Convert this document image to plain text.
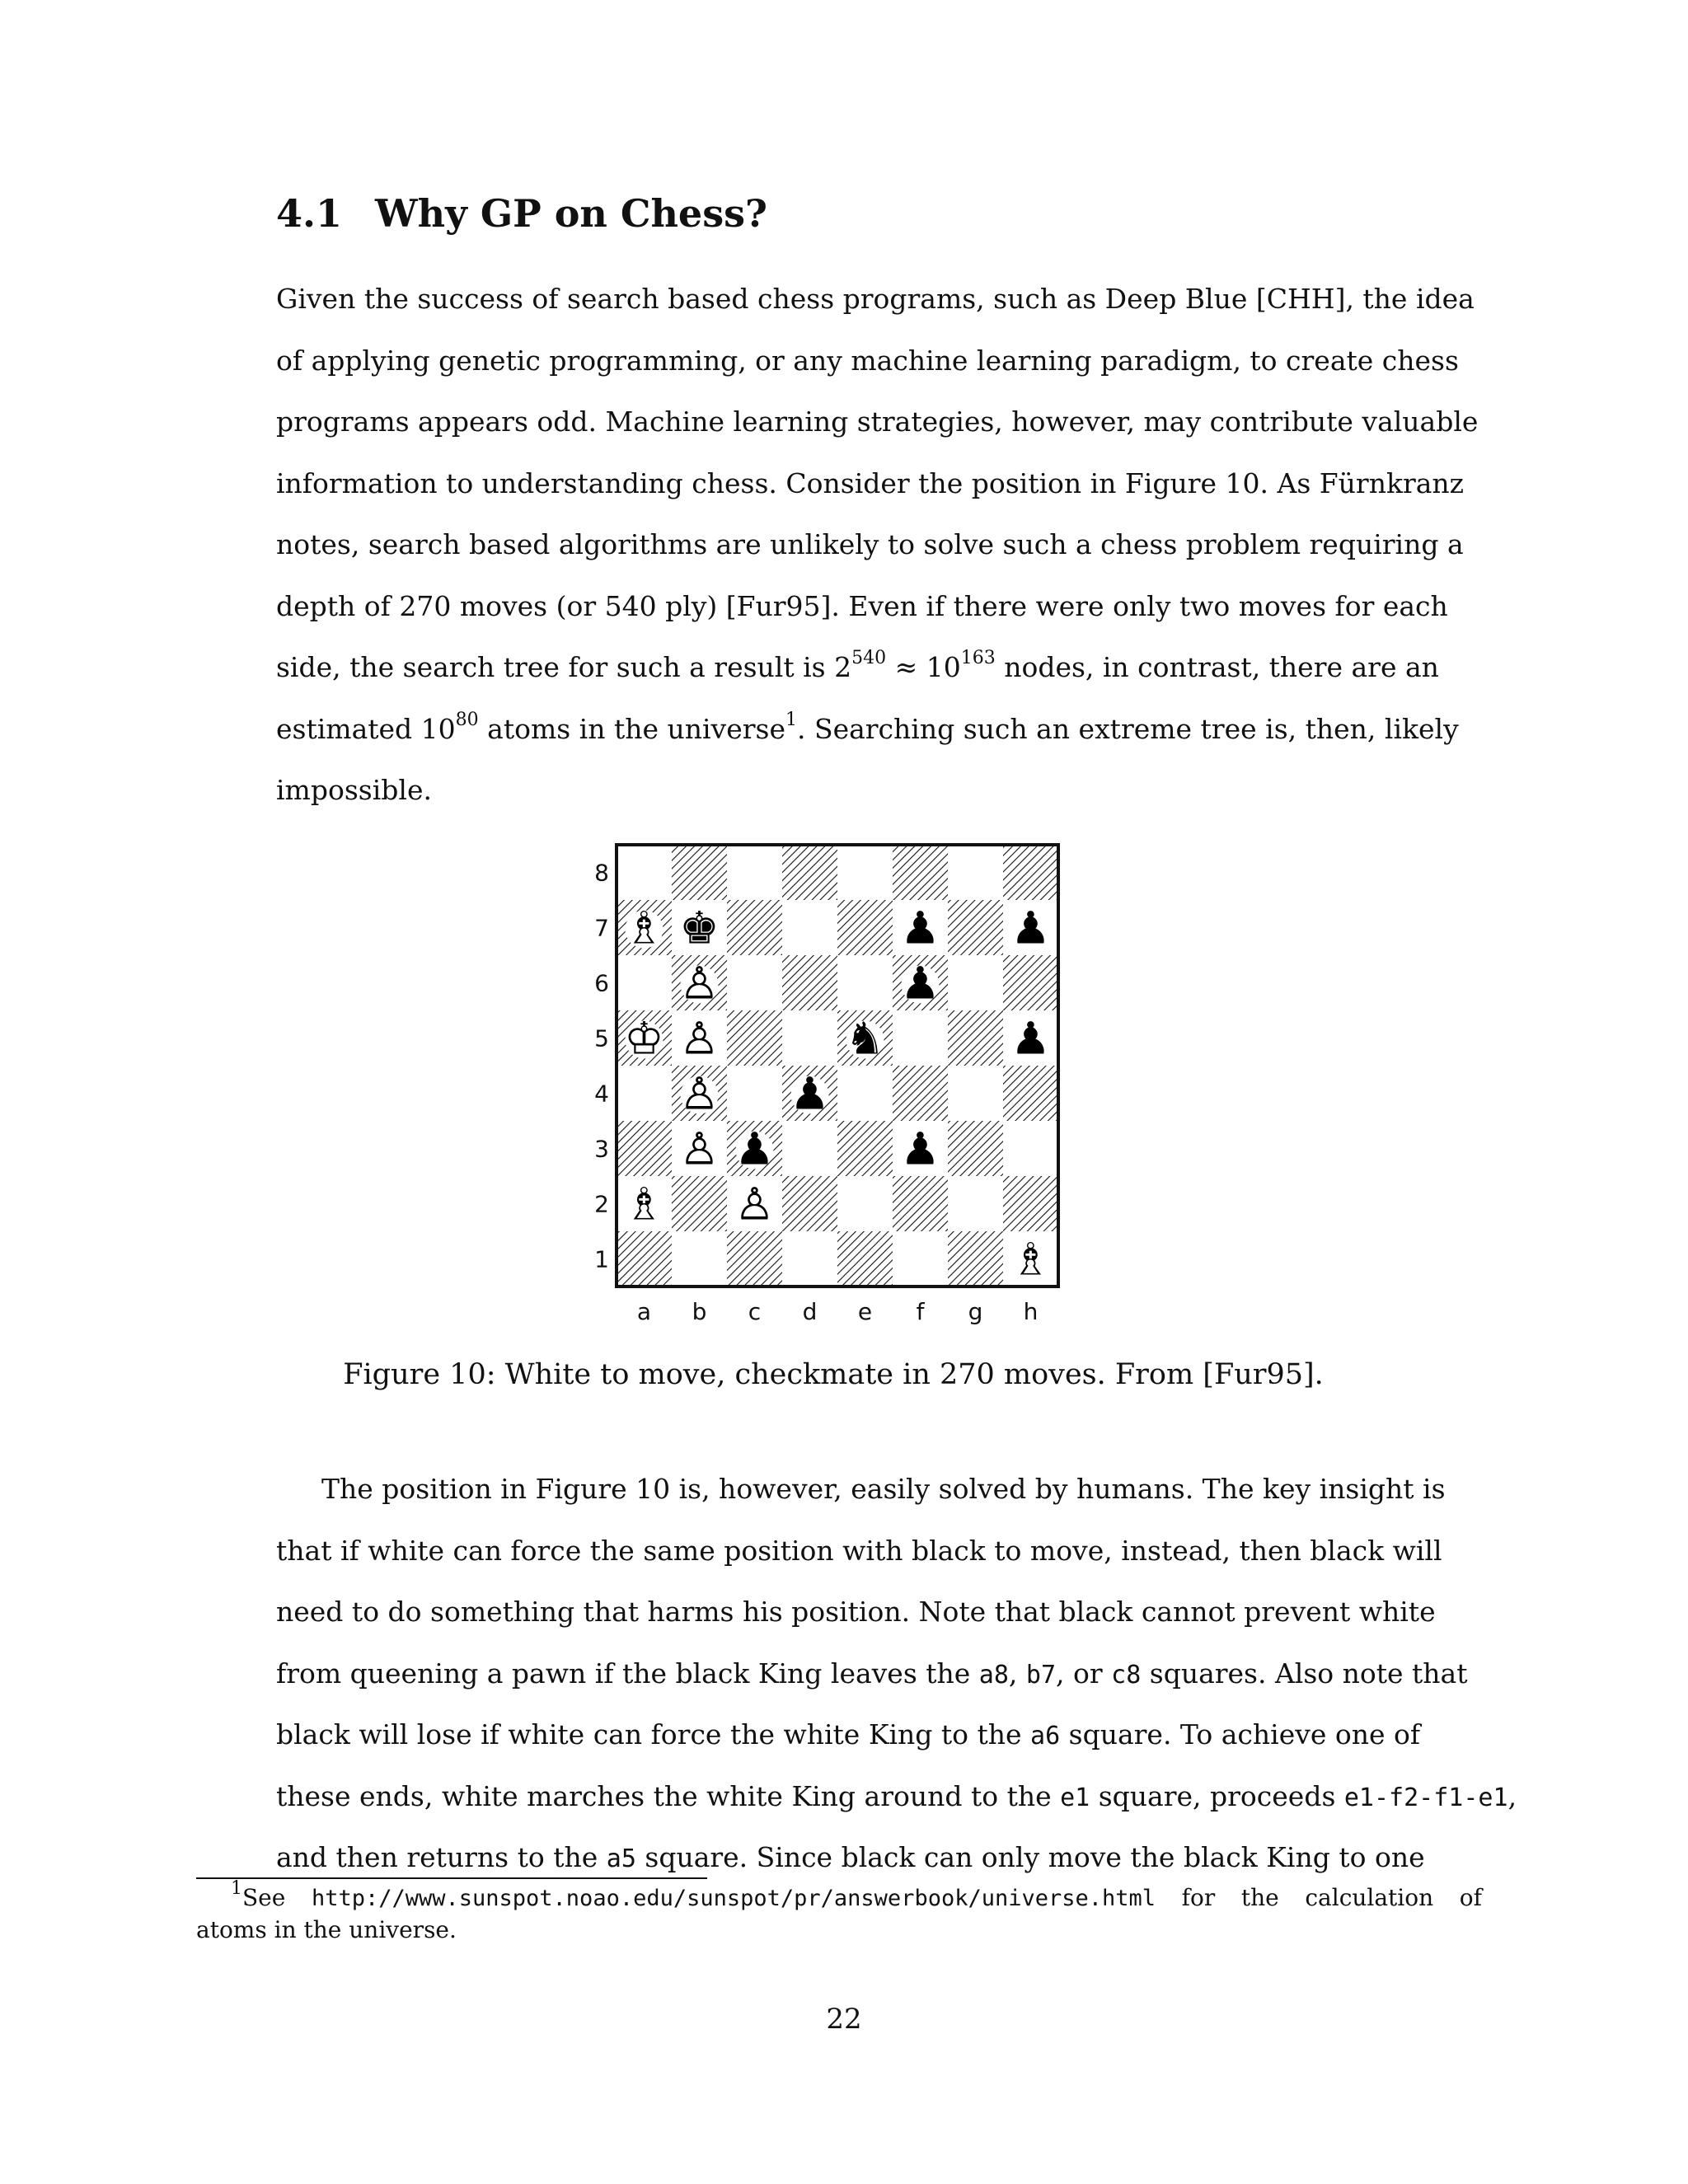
4.1 Why GP on Chess?
Given the success of search based chess programs, such as Deep Blue [CHH], the idea
of applying genetic programming, or any machine learning paradigm, to create chess
programs appears odd. Machine learning strategies, however, may contribute valuable
information to understanding chess. Consider the position in Figure 10. As Fürnkranz
notes, search based algorithms are unlikely to solve such a chess problem requiring a
depth of 270 moves (or 540 ply) [Fur95]. Even if there were only two moves for each
side, the search tree for such a result is $2^{540} \approx 10^{163}$ nodes, in contrast, there are an
estimated $10^{80}$ atoms in the universe$^1$. Searching such an extreme tree is, then, likely
impossible.
♗ ♚	♟ ♟
♙	♟
♔ ♙	♞	♟
♙ ♟
♙ ♟	♟
♗ ♙
♗
8
7
6
5
4
3
2
1
a b c d e f g h

Figure 10: White to move, checkmate in 270 moves. From [Fur95].

The position in Figure 10 is, however, easily solved by humans. The key insight is
that if white can force the same position with black to move, instead, then black will
need to do something that harms his position. Note that black cannot prevent white
from queening a pawn if the black King leaves the a8, b7, or c8 squares. Also note that
black will lose if white can force the white King to the a6 square. To achieve one of
these ends, white marches the white King around to the e1 square, proceeds e1-f2-f1-e1,
and then returns to the a5 square. Since black can only move the black King to one
$^1$See http://www.sunspot.noao.edu/sunspot/pr/answerbook/universe.html for the calculation of
atoms in the universe.
22
